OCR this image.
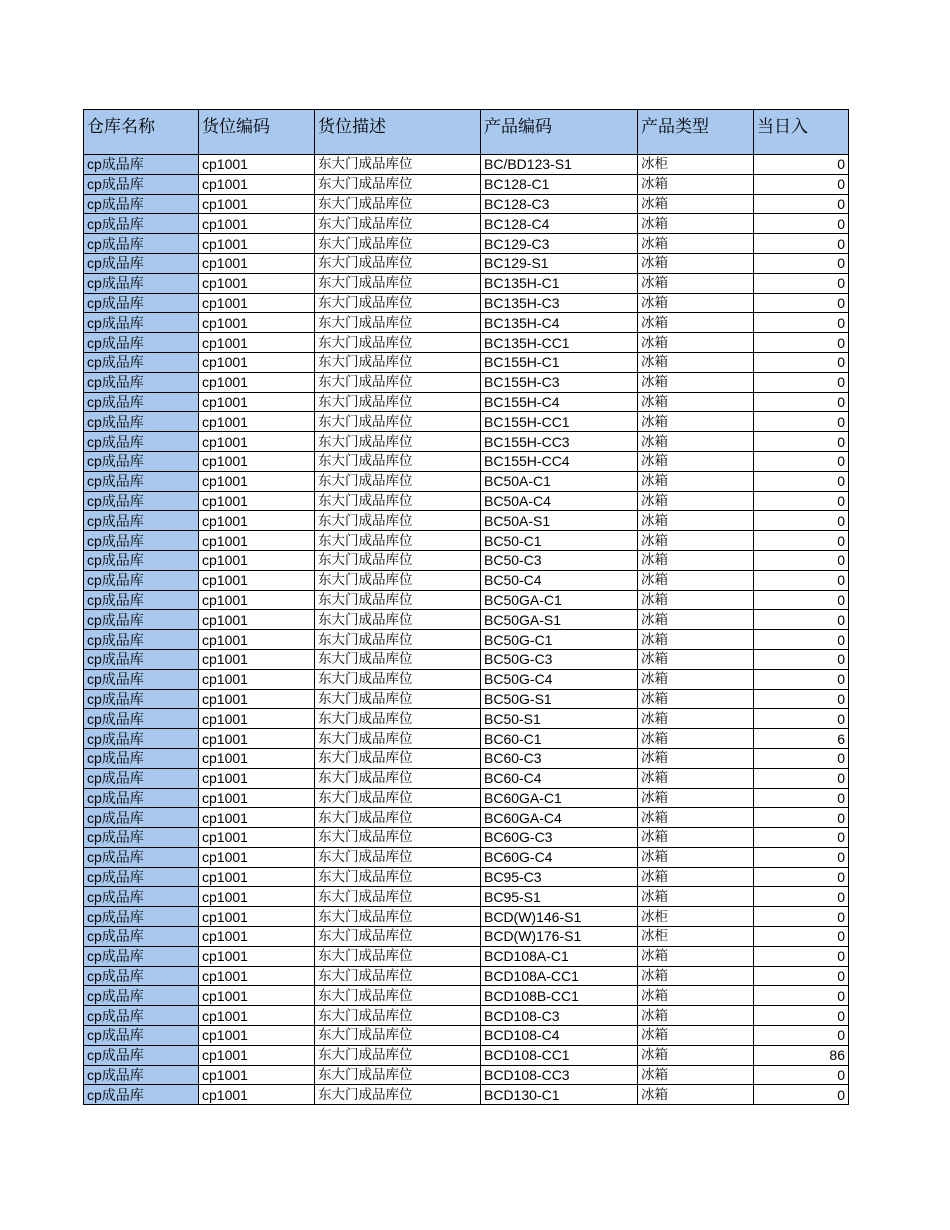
仓库名称	货位编码	货位描述	产品编码	产品类型	当日入
cp成品库	cp1001	东大门成品库位	BC/BD123-S1	冰柜	0
cp成品库	cp1001	东大门成品库位	BC128-C1	冰箱	0
cp成品库	cp1001	东大门成品库位	BC128-C3	冰箱	0
cp成品库	cp1001	东大门成品库位	BC128-C4	冰箱	0
cp成品库	cp1001	东大门成品库位	BC129-C3	冰箱	0
cp成品库	cp1001	东大门成品库位	BC129-S1	冰箱	0
cp成品库	cp1001	东大门成品库位	BC135H-C1	冰箱	0
cp成品库	cp1001	东大门成品库位	BC135H-C3	冰箱	0
cp成品库	cp1001	东大门成品库位	BC135H-C4	冰箱	0
cp成品库	cp1001	东大门成品库位	BC135H-CC1	冰箱	0
cp成品库	cp1001	东大门成品库位	BC155H-C1	冰箱	0
cp成品库	cp1001	东大门成品库位	BC155H-C3	冰箱	0
cp成品库	cp1001	东大门成品库位	BC155H-C4	冰箱	0
cp成品库	cp1001	东大门成品库位	BC155H-CC1	冰箱	0
cp成品库	cp1001	东大门成品库位	BC155H-CC3	冰箱	0
cp成品库	cp1001	东大门成品库位	BC155H-CC4	冰箱	0
cp成品库	cp1001	东大门成品库位	BC50A-C1	冰箱	0
cp成品库	cp1001	东大门成品库位	BC50A-C4	冰箱	0
cp成品库	cp1001	东大门成品库位	BC50A-S1	冰箱	0
cp成品库	cp1001	东大门成品库位	BC50-C1	冰箱	0
cp成品库	cp1001	东大门成品库位	BC50-C3	冰箱	0
cp成品库	cp1001	东大门成品库位	BC50-C4	冰箱	0
cp成品库	cp1001	东大门成品库位	BC50GA-C1	冰箱	0
cp成品库	cp1001	东大门成品库位	BC50GA-S1	冰箱	0
cp成品库	cp1001	东大门成品库位	BC50G-C1	冰箱	0
cp成品库	cp1001	东大门成品库位	BC50G-C3	冰箱	0
cp成品库	cp1001	东大门成品库位	BC50G-C4	冰箱	0
cp成品库	cp1001	东大门成品库位	BC50G-S1	冰箱	0
cp成品库	cp1001	东大门成品库位	BC50-S1	冰箱	0
cp成品库	cp1001	东大门成品库位	BC60-C1	冰箱	6
cp成品库	cp1001	东大门成品库位	BC60-C3	冰箱	0
cp成品库	cp1001	东大门成品库位	BC60-C4	冰箱	0
cp成品库	cp1001	东大门成品库位	BC60GA-C1	冰箱	0
cp成品库	cp1001	东大门成品库位	BC60GA-C4	冰箱	0
cp成品库	cp1001	东大门成品库位	BC60G-C3	冰箱	0
cp成品库	cp1001	东大门成品库位	BC60G-C4	冰箱	0
cp成品库	cp1001	东大门成品库位	BC95-C3	冰箱	0
cp成品库	cp1001	东大门成品库位	BC95-S1	冰箱	0
cp成品库	cp1001	东大门成品库位	BCD(W)146-S1	冰柜	0
cp成品库	cp1001	东大门成品库位	BCD(W)176-S1	冰柜	0
cp成品库	cp1001	东大门成品库位	BCD108A-C1	冰箱	0
cp成品库	cp1001	东大门成品库位	BCD108A-CC1	冰箱	0
cp成品库	cp1001	东大门成品库位	BCD108B-CC1	冰箱	0
cp成品库	cp1001	东大门成品库位	BCD108-C3	冰箱	0
cp成品库	cp1001	东大门成品库位	BCD108-C4	冰箱	0
cp成品库	cp1001	东大门成品库位	BCD108-CC1	冰箱	86
cp成品库	cp1001	东大门成品库位	BCD108-CC3	冰箱	0
cp成品库	cp1001	东大门成品库位	BCD130-C1	冰箱	0
